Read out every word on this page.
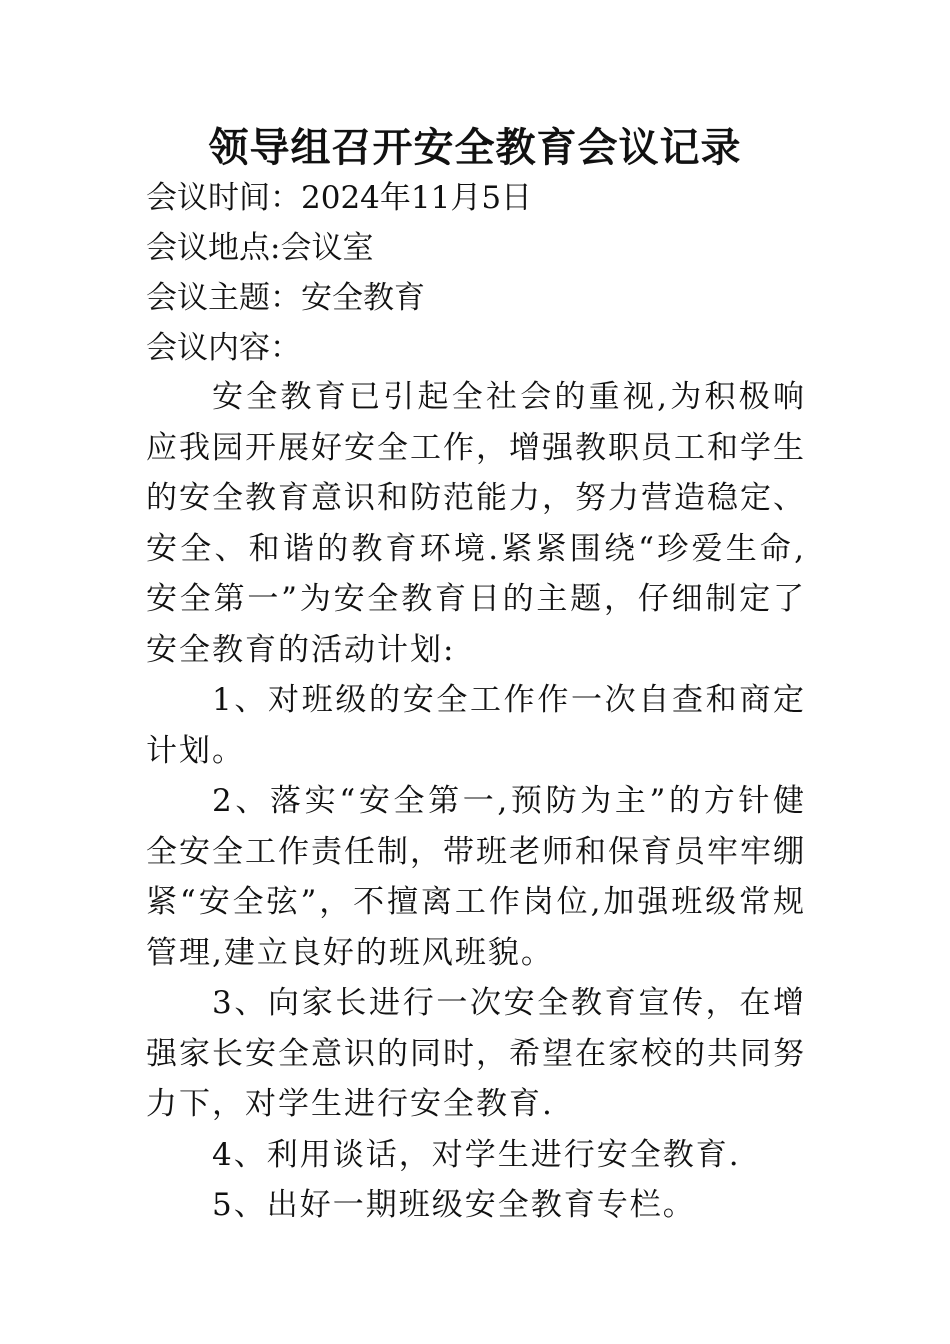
领导组召开安全教育会议记录
会议时间：2024年11月5日
会议地点:会议室
会议主题：安全教育
会议内容：

安全教育已引起全社会的重视,为积极响应我园开展好安全工作，增强教职员工和学生的安全教育意识和防范能力，努力营造稳定、安全、和谐的教育环境.紧紧围绕“珍爱生命,安全第一”为安全教育日的主题，仔细制定了安全教育的活动计划:

1、对班级的安全工作作一次自查和商定计划。

2、落实“安全第一,预防为主”的方针健全安全工作责任制，带班老师和保育员牢牢绷紧“安全弦”，不擅离工作岗位,加强班级常规管理,建立良好的班风班貌。

3、向家长进行一次安全教育宣传，在增强家长安全意识的同时，希望在家校的共同努力下，对学生进行安全教育.

4、利用谈话，对学生进行安全教育.

5、出好一期班级安全教育专栏。
